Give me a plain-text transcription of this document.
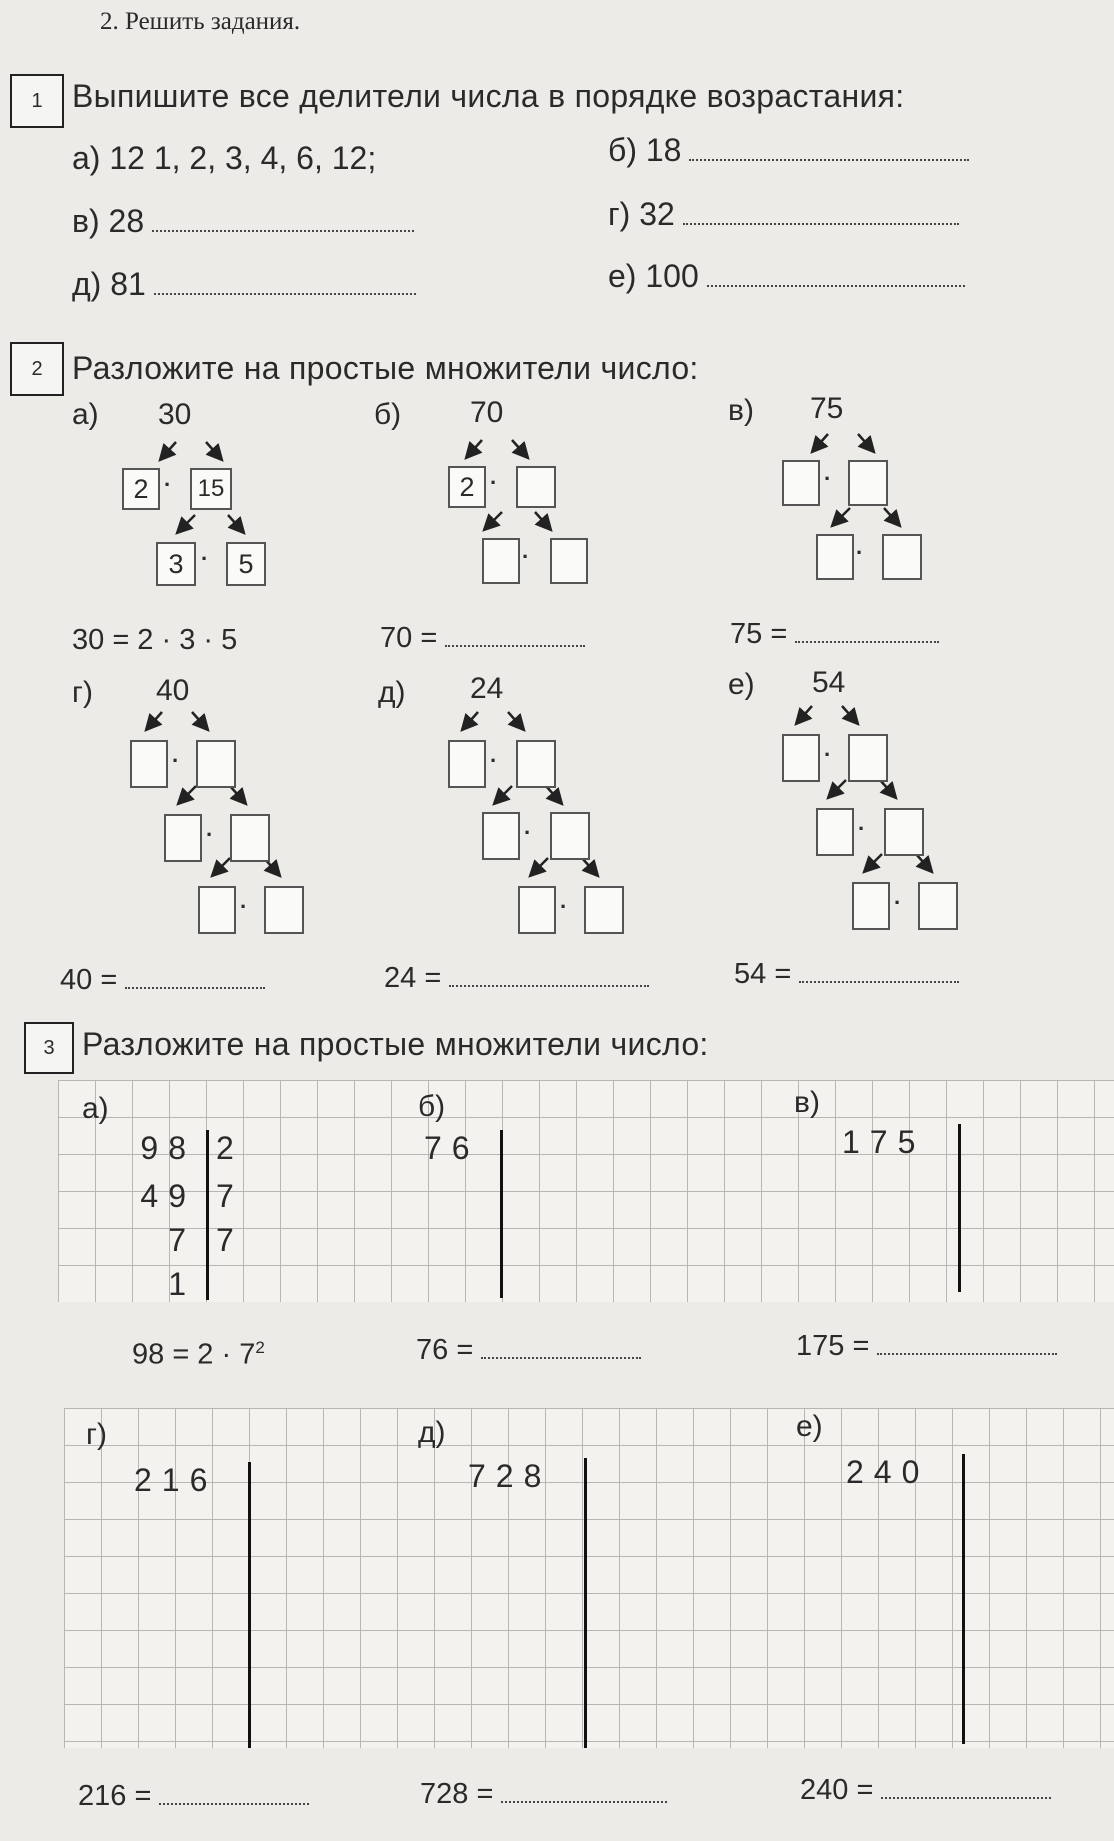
2. Решить задания.
1 Выпишите все делители числа в порядке возрастания:
а) 12 1, 2, 3, 4, 6, 12;	б) 18
в) 28	г) 32
д) 81	е) 100
2 Разложите на простые множители число:
а) 30
2 ·	15
3 ·	5
30 = 2 · 3 · 5
б) 70
2 ·
·
70 =
в) 75
·
·
75 =
г) 40
·
·
·
40 =
д) 24
·
·
·
24 =
е) 54
·
·
·
54 =
3 Разложите на простые множители число:
а)
98 2
49 7
7 7
1
б)
76
в)
175
$98 = 2 \cdot 7^2$	76 =	175 =
г)
216
д)
728
е)
240
216 =	728 =	240 =
